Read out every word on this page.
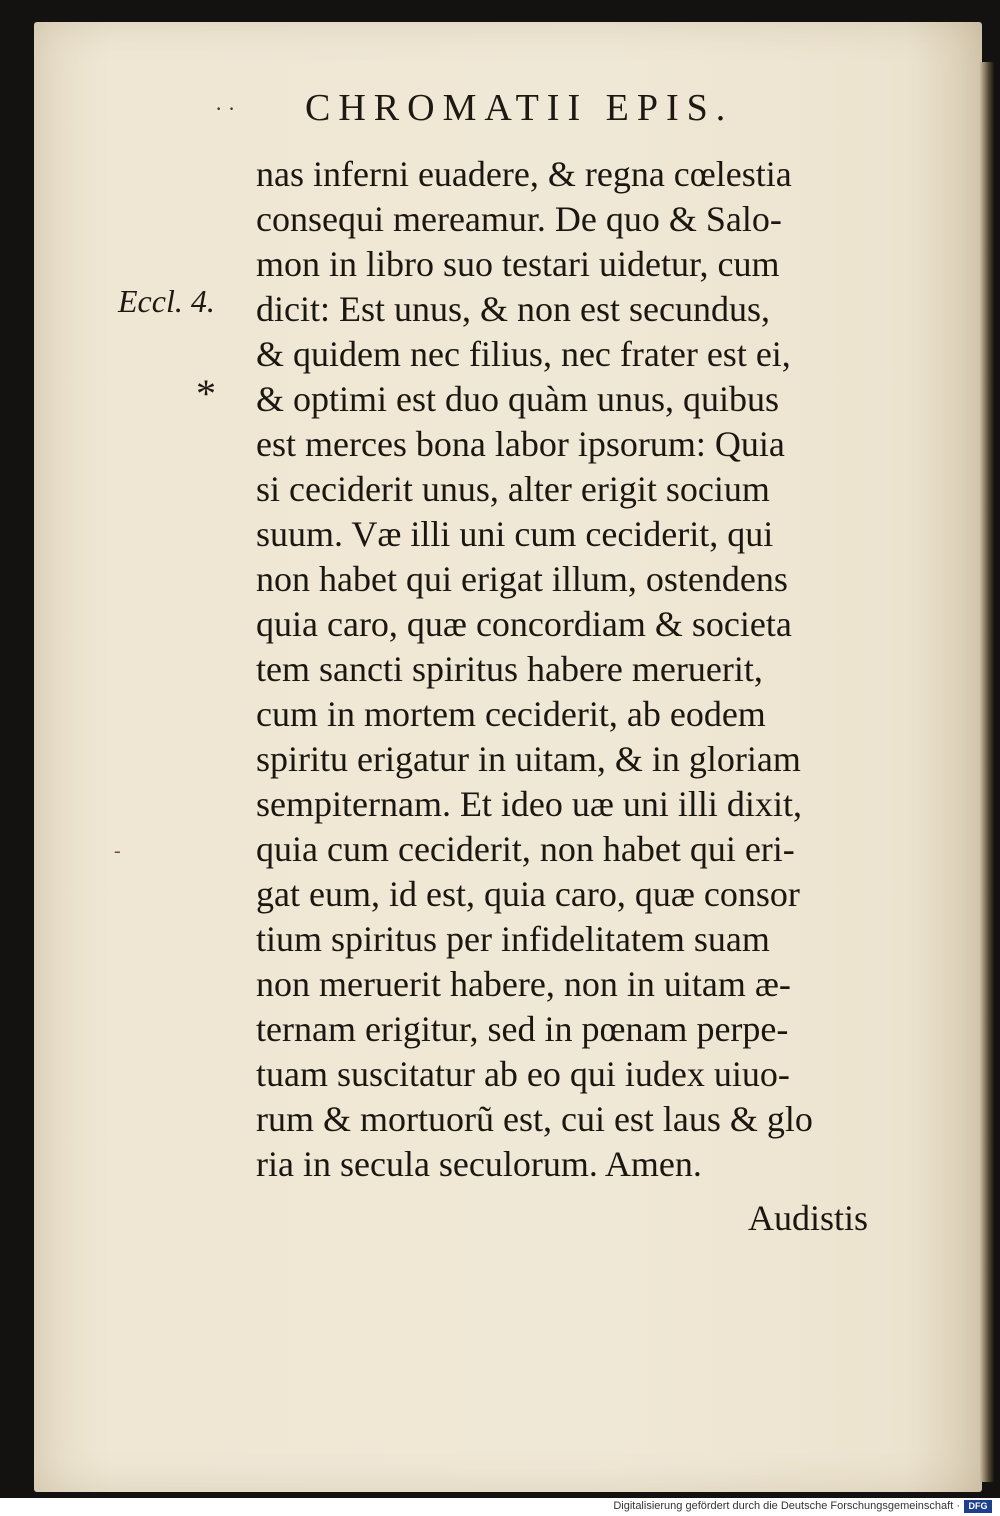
· · CHROMATII EPIS.
Eccl. 4.
*
-
nas inferni euadere, & regna cœlestia
consequi mereamur. De quo & Salo-
mon in libro suo testari uidetur, cum
dicit: Est unus, & non est secundus,
& quidem nec filius, nec frater est ei,
& optimi est duo quàm unus, quibus
est merces bona labor ipsorum: Quia
si ceciderit unus, alter erigit socium
suum. Væ illi uni cum ceciderit, qui
non habet qui erigat illum, ostendens
quia caro, quæ concordiam & societa
tem sancti spiritus habere meruerit,
cum in mortem ceciderit, ab eodem
spiritu erigatur in uitam, & in gloriam
sempiternam. Et ideo uæ uni illi dixit,
quia cum ceciderit, non habet qui eri-
gat eum, id est, quia caro, quæ consor
tium spiritus per infidelitatem suam
non meruerit habere, non in uitam æ-
ternam erigitur, sed in pœnam perpe-
tuam suscitatur ab eo qui iudex uiuo-
rum & mortuorũ est, cui est laus & glo
ria in secula seculorum. Amen.
Audistis
Digitalisierung gefördert durch die Deutsche Forschungsgemeinschaft · DFG
